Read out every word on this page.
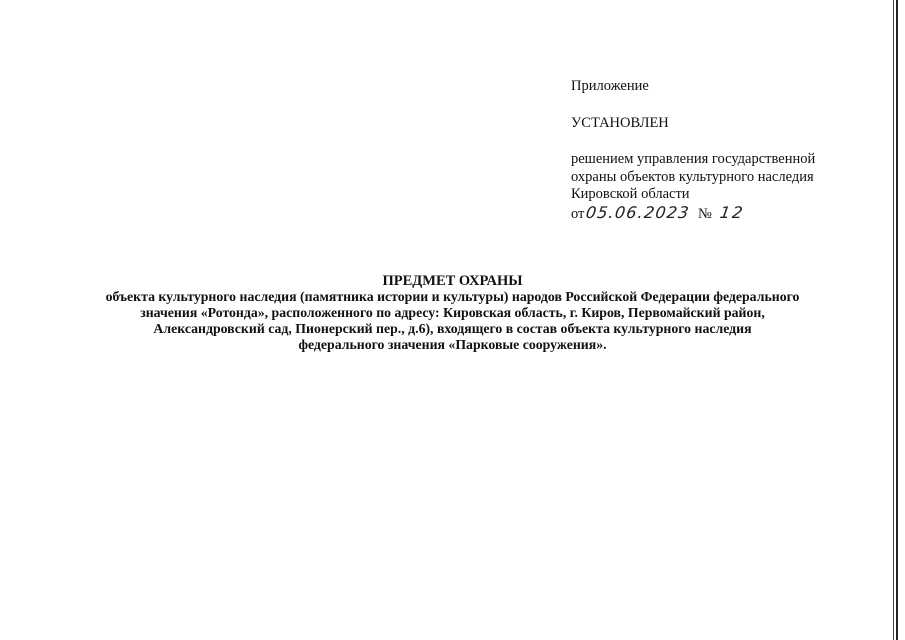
Приложение
УСТАНОВЛЕН
решением управления государственной
охраны объектов культурного наследия
Кировской области
от05.06.2023 № 12
ПРЕДМЕТ ОХРАНЫ
объекта культурного наследия (памятника истории и культуры) народов Российской Федерации федерального
значения «Ротонда», расположенного по адресу: Кировская область, г. Киров, Первомайский район,
Александровский сад, Пионерский пер., д.6), входящего в состав объекта культурного наследия
федерального значения «Парковые сооружения».
